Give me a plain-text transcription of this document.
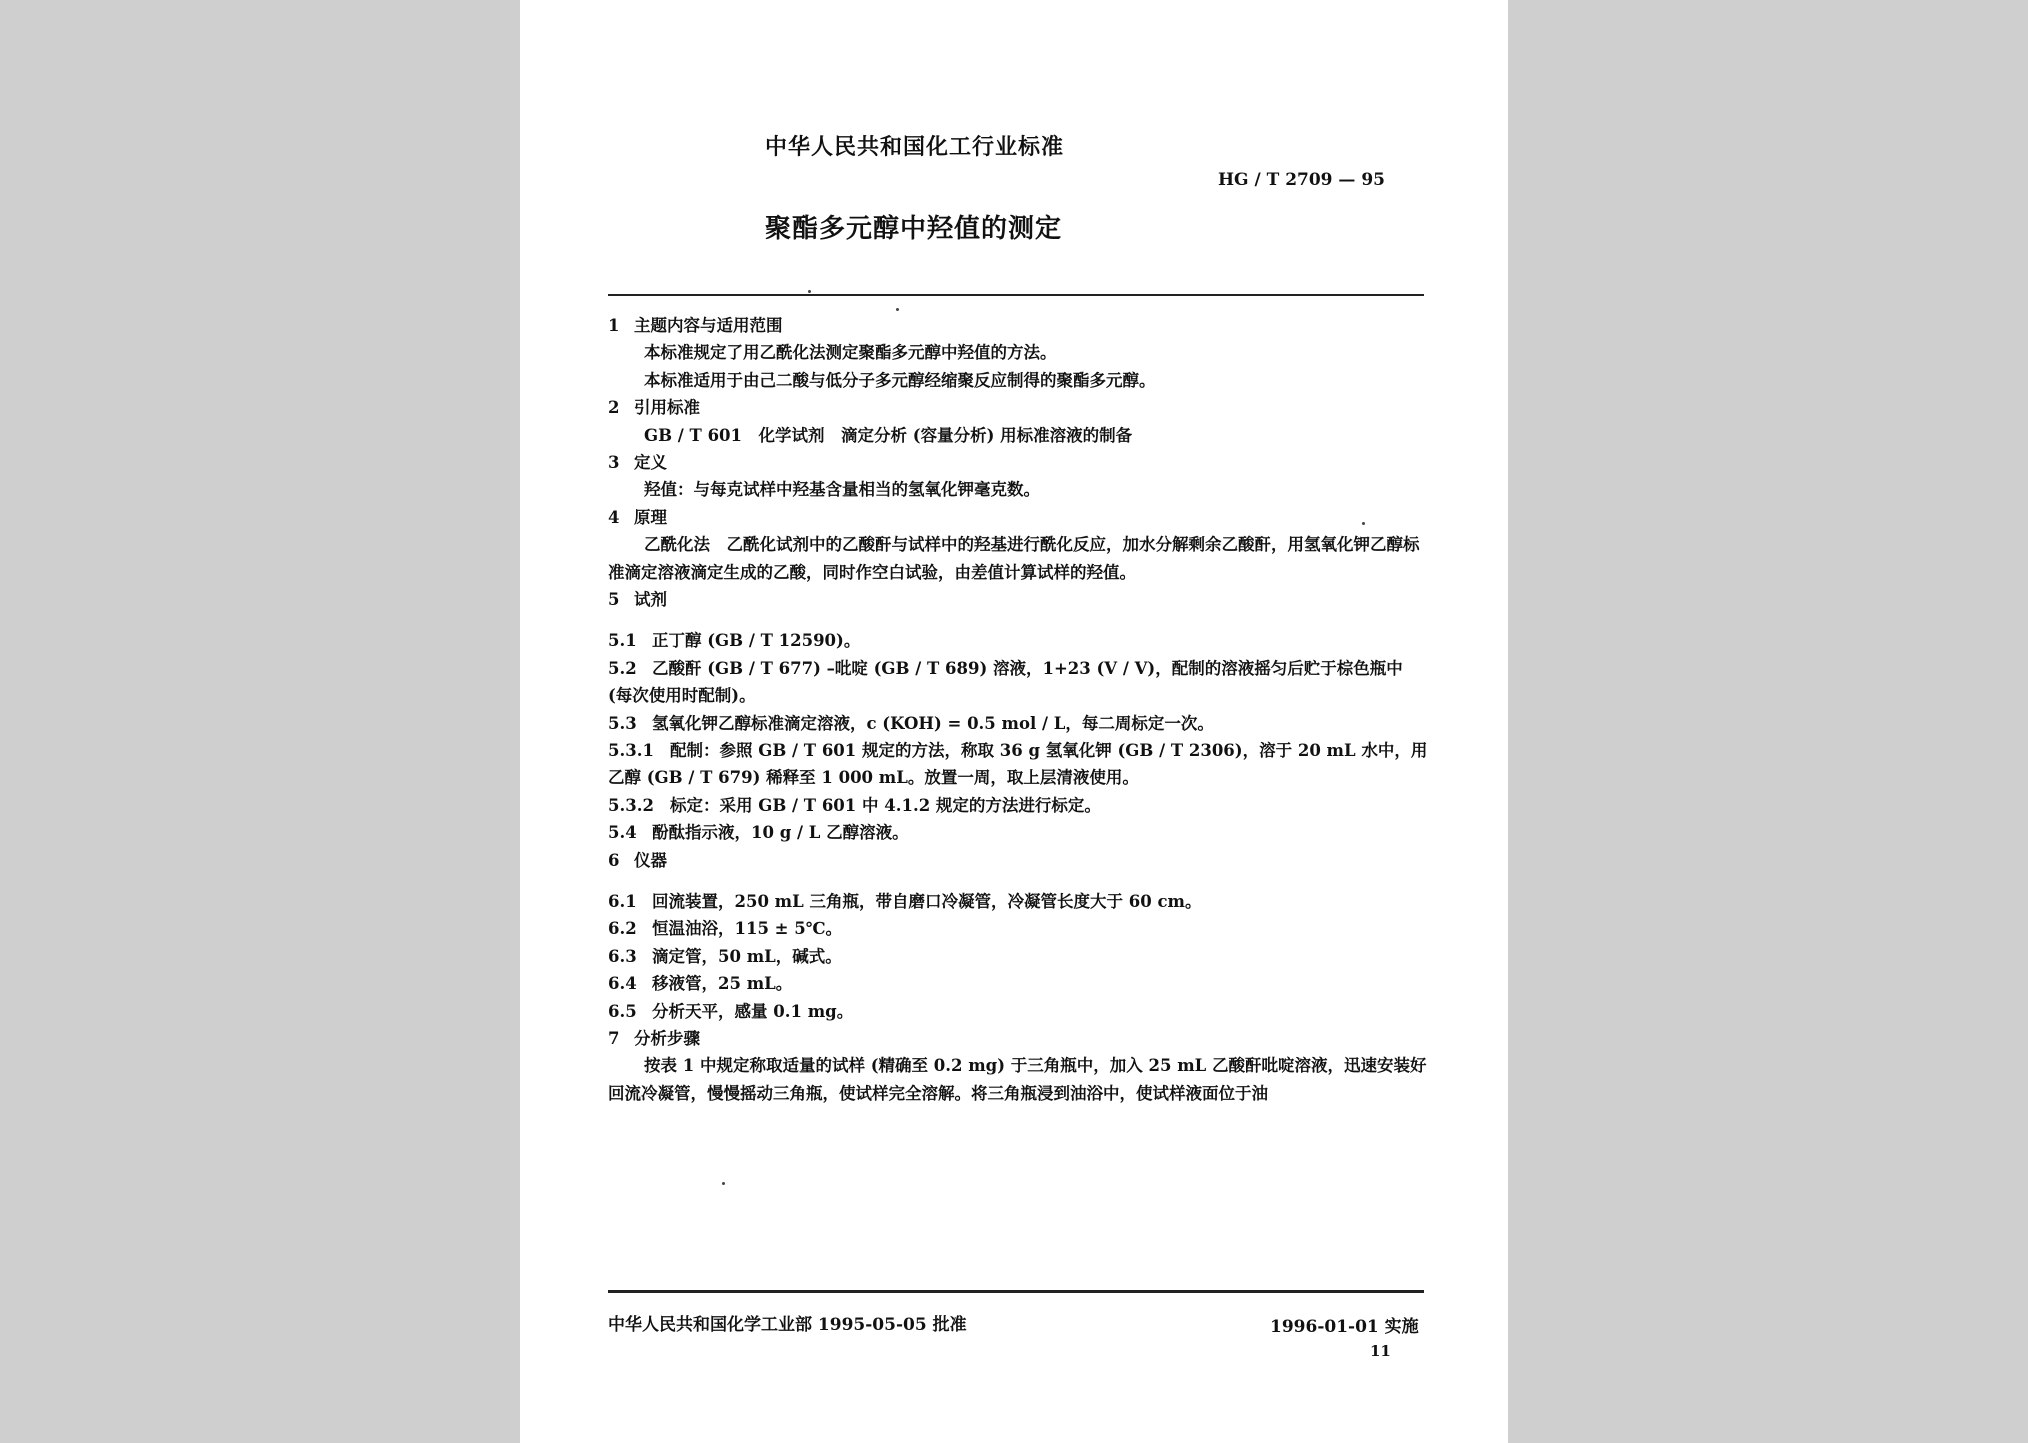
中华人民共和国化工行业标准
HG / T 2709 — 95
聚酯多元醇中羟值的测定
1 主题内容与适用范围

本标准规定了用乙酰化法测定聚酯多元醇中羟值的方法。

本标准适用于由己二酸与低分子多元醇经缩聚反应制得的聚酯多元醇。

2 引用标准

GB / T 601　化学试剂　滴定分析 (容量分析) 用标准溶液的制备

3 定义

羟值：与每克试样中羟基含量相当的氢氧化钾毫克数。

4 原理

乙酰化法　乙酰化试剂中的乙酸酐与试样中的羟基进行酰化反应，加水分解剩余乙酸酐，用氢氧化钾乙醇标准滴定溶液滴定生成的乙酸，同时作空白试验，由差值计算试样的羟值。

5 试剂

5.1 正丁醇 (GB / T 12590)。

5.2 乙酸酐 (GB / T 677) –吡啶 (GB / T 689) 溶液，1+23 (V / V)，配制的溶液摇匀后贮于棕色瓶中 (每次使用时配制)。

5.3 氢氧化钾乙醇标准滴定溶液，c (KOH) = 0.5 mol / L，每二周标定一次。

5.3.1 配制：参照 GB / T 601 规定的方法，称取 36 g 氢氧化钾 (GB / T 2306)，溶于 20 mL 水中，用乙醇 (GB / T 679) 稀释至 1 000 mL。放置一周，取上层清液使用。

5.3.2 标定：采用 GB / T 601 中 4.1.2 规定的方法进行标定。

5.4 酚酞指示液，10 g / L 乙醇溶液。

6 仪器

6.1 回流装置，250 mL 三角瓶，带自磨口冷凝管，冷凝管长度大于 60 cm。

6.2 恒温油浴，115 ± 5℃。

6.3 滴定管，50 mL，碱式。

6.4 移液管，25 mL。

6.5 分析天平，感量 0.1 mg。

7 分析步骤

按表 1 中规定称取适量的试样 (精确至 0.2 mg) 于三角瓶中，加入 25 mL 乙酸酐吡啶溶液，迅速安装好回流冷凝管，慢慢摇动三角瓶，使试样完全溶解。将三角瓶浸到油浴中，使试样液面位于油

中华人民共和国化学工业部 1995-05-05 批准	1996-01-01 实施
11
